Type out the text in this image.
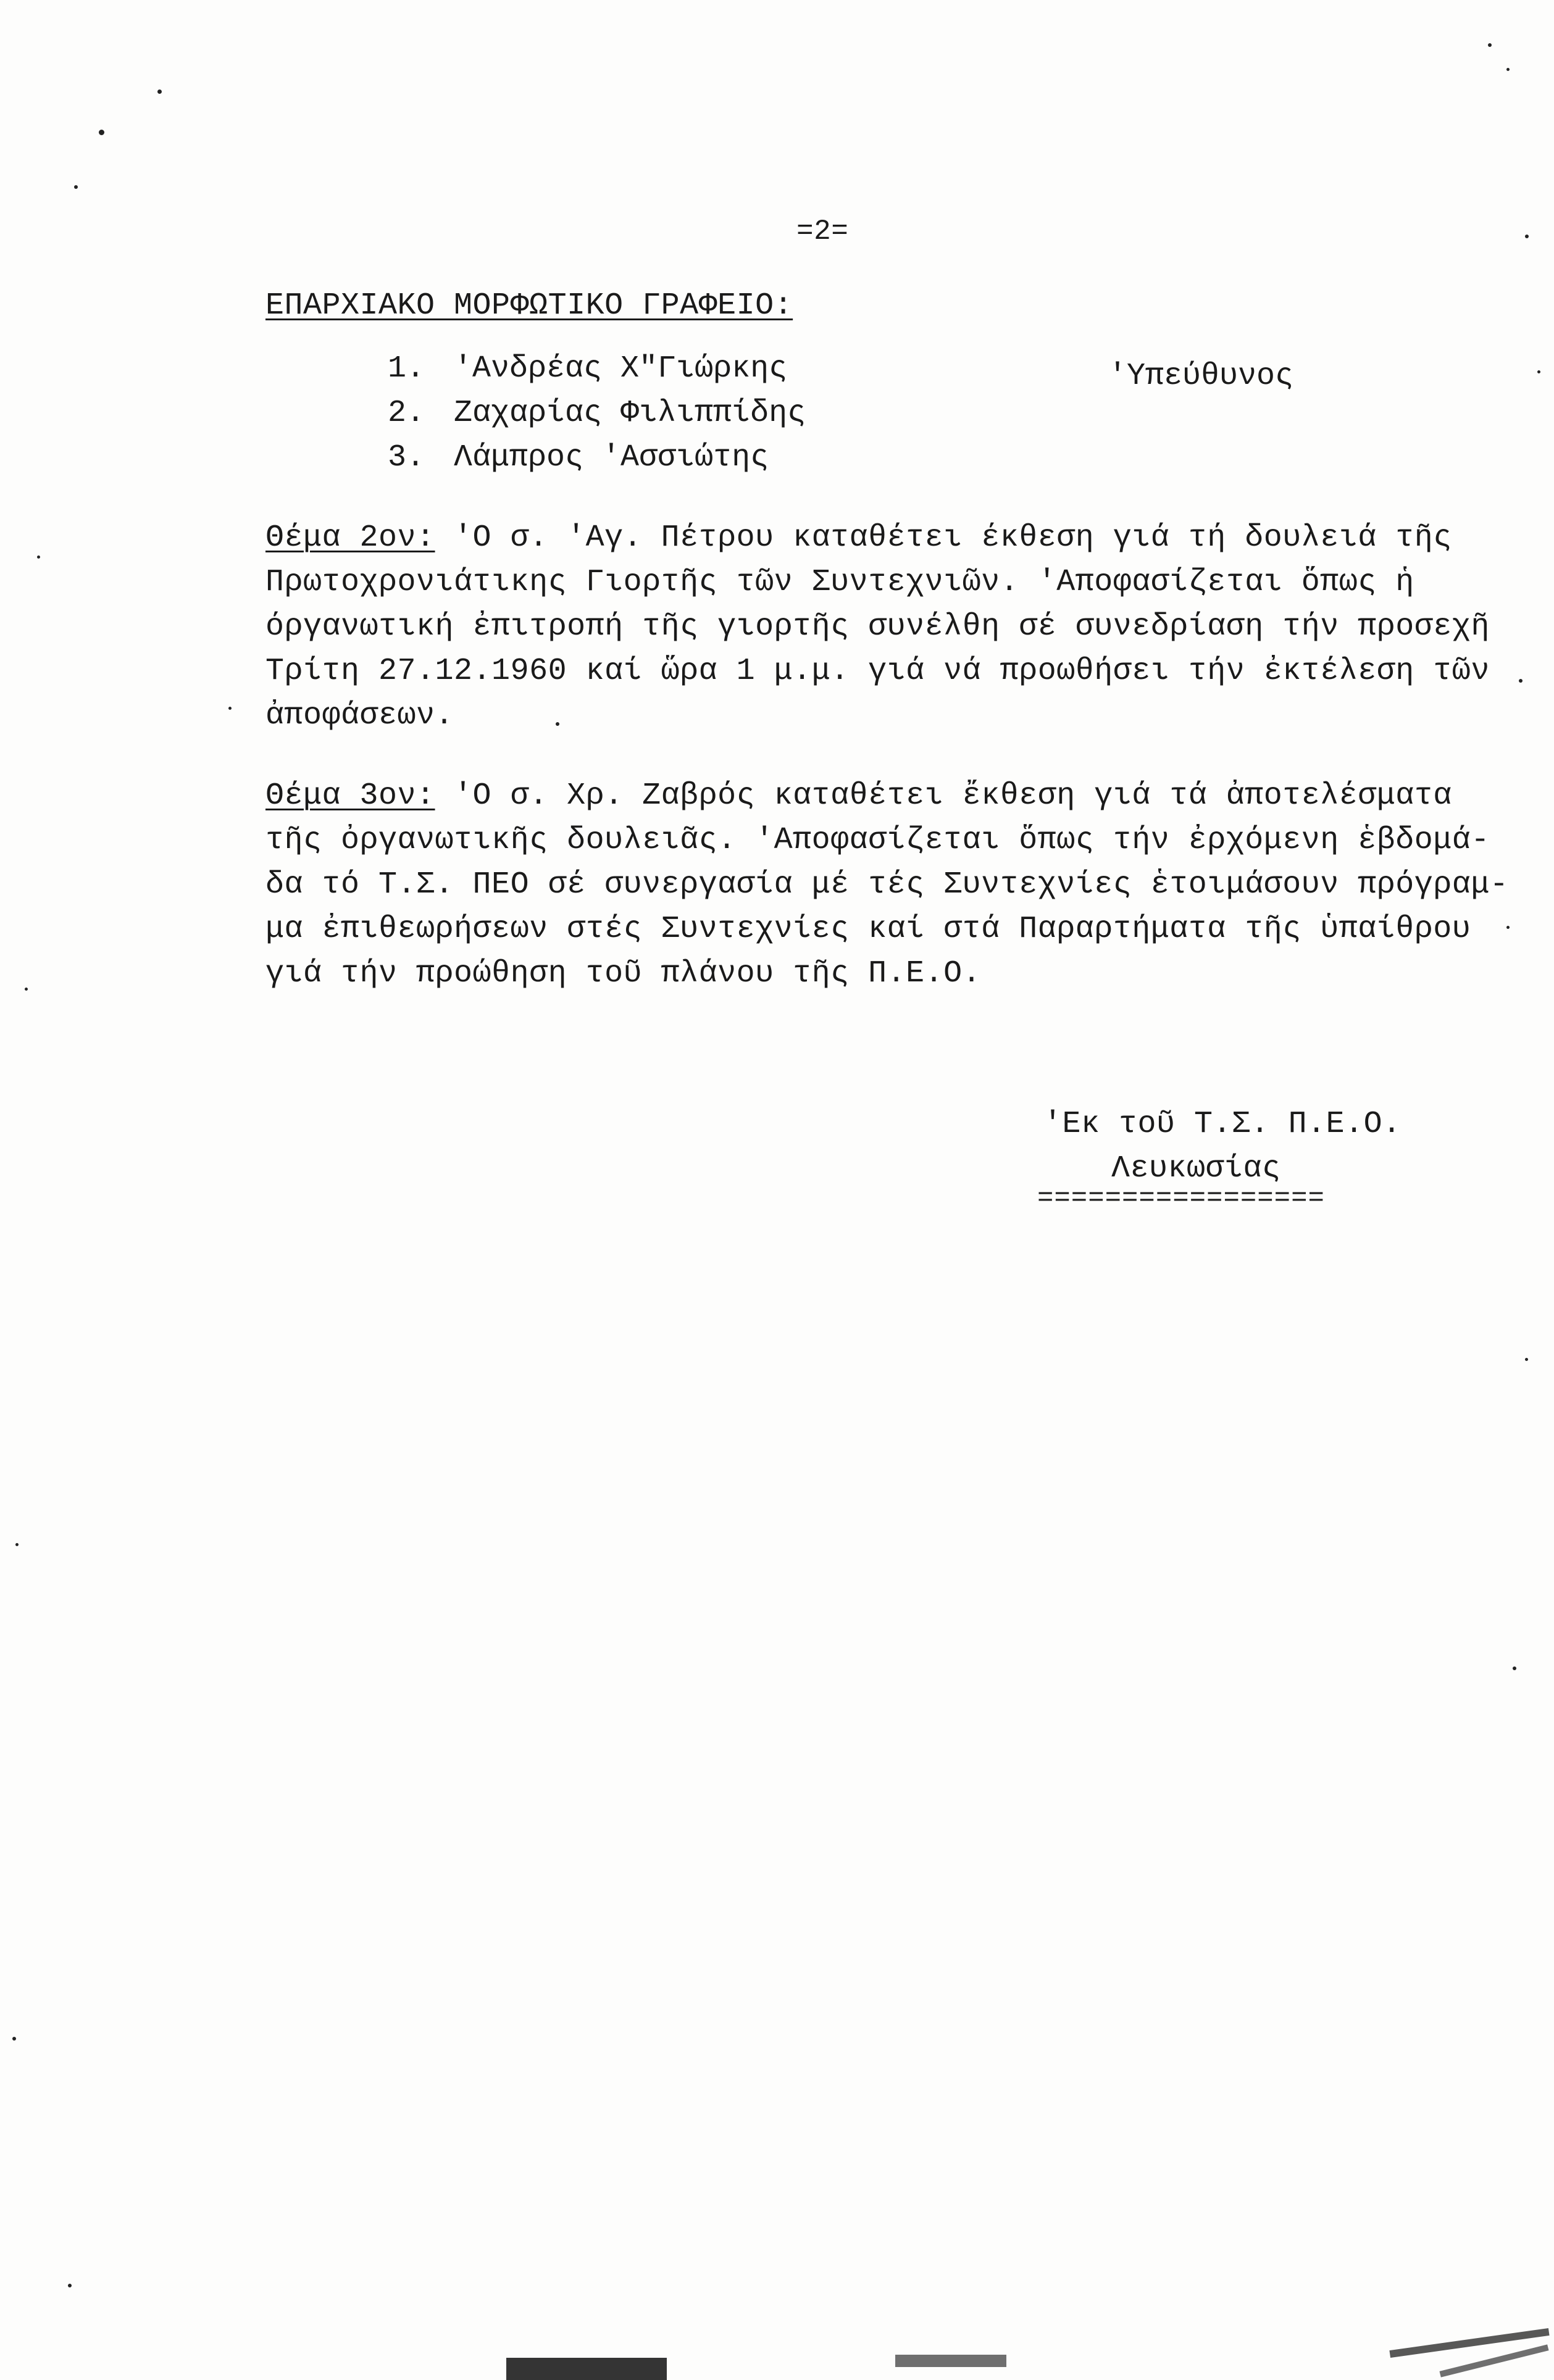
=2=
ΕΠΑΡΧΙΑΚΟ ΜΟΡΦΩΤΙΚΟ ΓΡΑΦΕΙΟ:
1. 'Ανδρέας Χ"Γιώρκης	'Υπεύθυνος
2. Ζαχαρίας Φιλιππίδης
3. Λάμπρος 'Ασσιώτης
Θέμα 2ον: 'Ο σ. 'Αγ. Πέτρου καταθέτει έκθεση γιά τή δουλειά τῆς
Πρωτοχρονιάτικης Γιορτῆς τῶν Συντεχνιῶν. 'Αποφασίζεται ὅπως ἡ
όργανωτική ἐπιτροπή τῆς γιορτῆς συνέλθη σέ συνεδρίαση τήν προσεχῆ
Τρίτη 27.12.1960 καί ὥρα 1 μ.μ. γιά νά προωθήσει τήν ἐκτέλεση τῶν
ἀποφάσεων.
Θέμα 3ον: 'Ο σ. Χρ. Ζαβρός καταθέτει ἔκθεση γιά τά ἀποτελέσματα
τῆς ὀργανωτικῆς δουλειᾶς. 'Αποφασίζεται ὅπως τήν ἐρχόμενη ἑβδομά-
δα τό Τ.Σ. ΠΕΟ σέ συνεργασία μέ τές Συντεχνίες ἑτοιμάσουν πρόγραμ-
μα ἐπιθεωρήσεων στές Συντεχνίες καί στά Παραρτήματα τῆς ὑπαίθρου
γιά τήν προώθηση τοῦ πλάνου τῆς Π.Ε.Ο.
'Εκ τοῦ Τ.Σ. Π.Ε.Ο.
Λευκωσίας
=================
